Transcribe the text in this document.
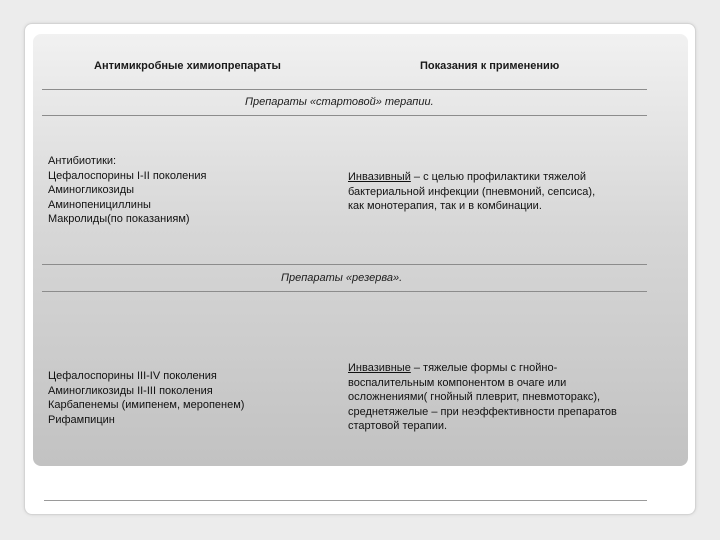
Антимикробные химиопрепараты	Показания к применению
Препараты «стартовой» терапии.
Антибиотики:
Цефалоспорины I-II поколения
Аминогликозиды
Аминопенициллины
Макролиды(по показаниям)
Инвазивный – с целью профилактики тяжелой
бактериальной инфекции (пневмоний, сепсиса),
как монотерапия, так и в комбинации.
Препараты «резерва».
Цефалоспорины III-IV поколения
Аминогликозиды II-III поколения
Карбапенемы (имипенем, меропенем)
Рифампицин
Инвазивные – тяжелые формы с гнойно-
воспалительным компонентом в очаге или
осложнениями( гнойный плеврит, пневмоторакс),
среднетяжелые – при неэффективности препаратов
стартовой терапии.
